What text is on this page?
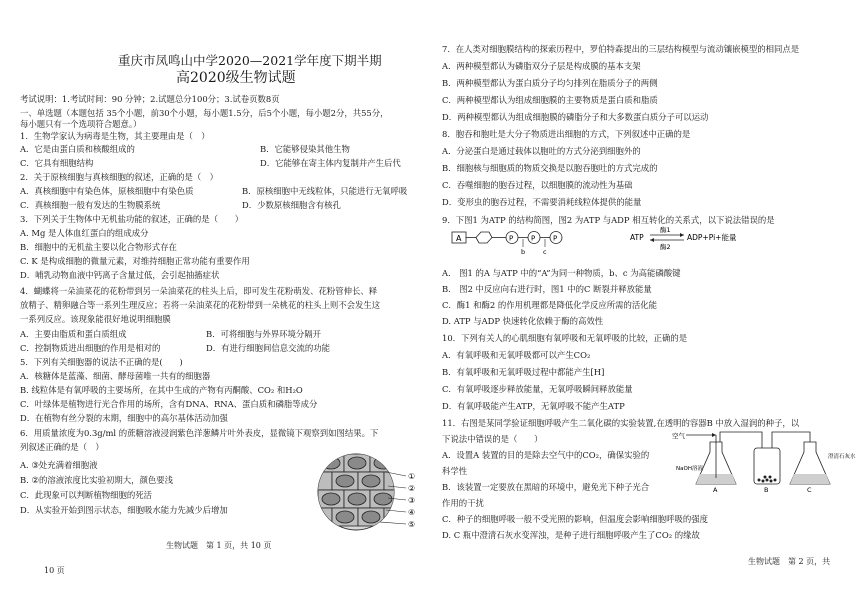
重庆市凤鸣山中学2020—2021学年度下期半期
高2020级生物试题
考试说明：1.考试时间：90 分钟；2.试题总分100分；3.试卷页数8页
一、单选题（本题包括 35个小题，前30个小题，每小题1.5分，后5个小题，每小题2分，共55分，
每小题只有一个选项符合题意。）
1．生物学家认为病毒是生物，其主要理由是（　）
A．它是由蛋白质和核酸组成的	B．它能够侵染其他生物
C．它具有细胞结构	D．它能够在寄主体内复制并产生后代
2．关于原核细胞与真核细胞的叙述，正确的是（　）
A．真核细胞中有染色体，原核细胞中有染色质	B．原核细胞中无线粒体，只能进行无氧呼吸
C．真核细胞一般有发达的生物膜系统	D．少数原核细胞含有核孔
3．下列关于生物体中无机盐功能的叙述，正确的是（　　）
A. Mg 是人体血红蛋白的组成成分
B．细胞中的无机盐主要以化合物形式存在
C. K 是构成细胞的微量元素，对维持细胞正常功能有重要作用
D．哺乳动物血液中钙离子含量过低，会引起抽搐症状
4．蝴蝶将一朵油菜花的花粉带到另一朵油菜花的柱头上后，即可发生花粉萌发、花粉管伸长、释
放精子、精卵融合等一系列生理反应；若将一朵油菜花的花粉带到一朵桃花的柱头上则不会发生这
一系列反应。该现象能很好地说明细胞膜
A．主要由脂质和蛋白质组成	B．可将细胞与外界环境分隔开
C．控制物质进出细胞的作用是相对的	D．有进行细胞间信息交流的功能
5．下列有关细胞器的说法不正确的是(　　)
A．核糖体是蓝藻、细菌、酵母菌唯一共有的细胞器
B. 线粒体是有氧呼吸的主要场所，在其中生成的产物有丙酮酸、CO₂ 和H₂O
C．叶绿体是植物进行光合作用的场所，含有DNA、RNA、蛋白质和磷脂等成分
D．在植物有丝分裂的末期，细胞中的高尔基体活动加强
6．用质量浓度为0.3g/ml 的蔗糖溶液浸润紫色洋葱鳞片叶外表皮，显微镜下观察到如图结果。下
列叙述正确的是（　）
A. ③处充满着细胞液
B. ②的溶液浓度比实验初期大，颜色要浅
C．此现象可以判断植物细胞的死活
D．从实验开始到图示状态，细胞吸水能力先减少后增加
①
②
③
④
⑤
生物试题　第 1 页，共 10 页
10 页
7．在人类对细胞膜结构的探索历程中，罗伯特森提出的三层结构模型与流动镶嵌模型的相同点是
A．两种模型都认为磷脂双分子层是构成膜的基本支架
B．两种模型都认为蛋白质分子均匀排列在脂质分子的两侧
C．两种模型都认为组成细胞膜的主要物质是蛋白质和脂质
D．两种模型都认为组成细胞膜的磷脂分子和大多数蛋白质分子可以运动
8．胞吞和胞吐是大分子物质进出细胞的方式，下列叙述中正确的是
A．分泌蛋白是通过载体以胞吐的方式分泌到细胞外的
B．细胞核与细胞质的物质交换是以胞吞胞吐的方式完成的
C．吞噬细胞的胞吞过程，以细胞膜的流动性为基础
D．变形虫的胞吞过程，不需要消耗线粒体提供的能量
9．下图1 为ATP 的结构简图，图2 为ATP 与ADP 相互转化的关系式，以下说法错误的是
A	P	P	P
b	c
ATP
酶1
酶2
ADP+Pi+能量
A． 图1 的A 与ATP 中的“A”为同一种物质，b、c 为高能磷酸键
B． 图2 中反应向右进行时，图1 中的C 断裂并释放能量
C．酶1 和酶2 的作用机理都是降低化学反应所需的活化能
D. ATP 与ADP 快速转化依赖于酶的高效性
10．下列有关人的心肌细胞有氧呼吸和无氧呼吸的比较，正确的是
A．有氧呼吸和无氧呼吸都可以产生CO₂
B．有氧呼吸和无氧呼吸过程中都能产生[H]
C．有氧呼吸逐步释放能量，无氧呼吸瞬间释放能量
D．有氧呼吸能产生ATP，无氧呼吸不能产生ATP
11．右图是某同学验证细胞呼吸产生二氧化碳的实验装置,在透明的容器B 中放入湿润的种子，以
下说法中错误的是（　　）
A．设置A 装置的目的是除去空气中的CO₂，确保实验的
科学性
B．该装置一定要放在黑暗的环境中，避免光下种子光合
作用的干扰
C．种子的细胞呼吸一般不受光照的影响，但温度会影响细胞呼吸的强度
D. C 瓶中澄清石灰水变浑浊，是种子进行细胞呼吸产生了CO₂ 的缘故
空气
NaOH溶液
A	B	C
澄清石灰水
生物试题　第 2 页，共
